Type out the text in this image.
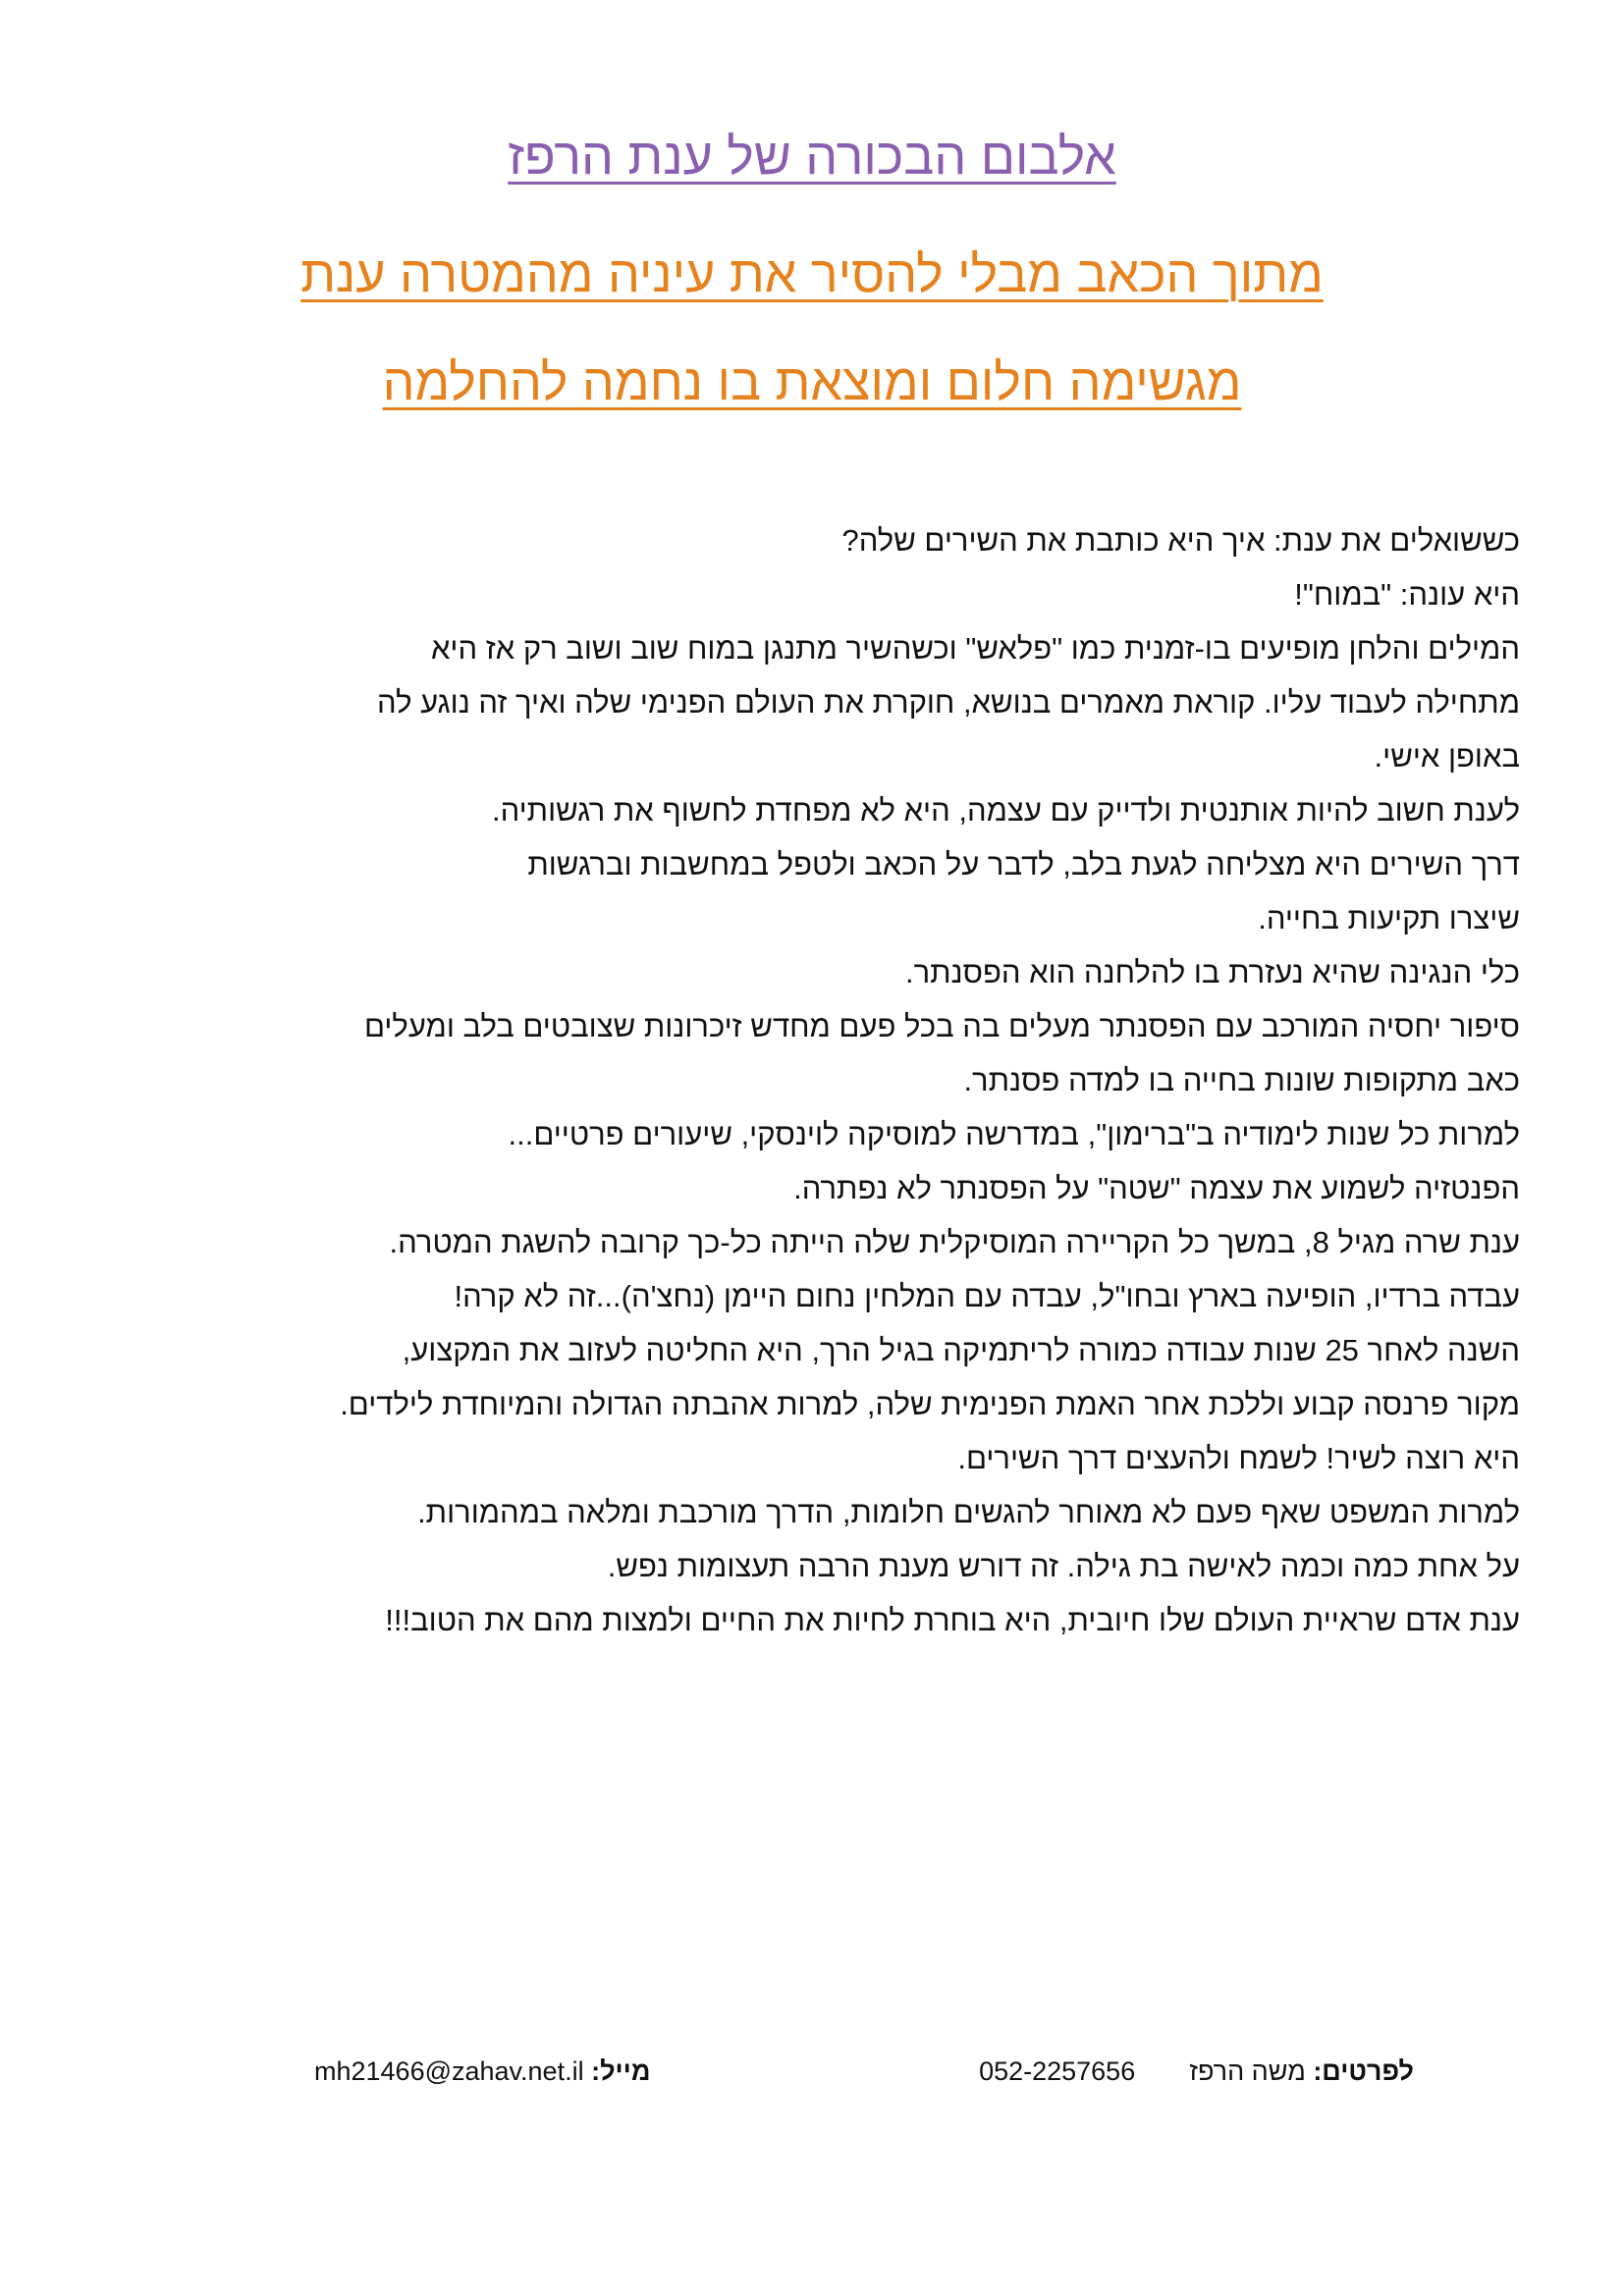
אלבום הבכורה של ענת הרפז
מתוך הכאב מבלי להסיר את עיניה מהמטרה ענת
מגשימה חלום ומוצאת בו נחמה להחלמה
כששואלים את ענת: איך היא כותבת את השירים שלה?
היא עונה: "במוח"!
המילים והלחן מופיעים בו-זמנית כמו "פלאש" וכשהשיר מתנגן במוח שוב ושוב רק אז היא
מתחילה לעבוד עליו. קוראת מאמרים בנושא, חוקרת את העולם הפנימי שלה ואיך זה נוגע לה
באופן אישי.
לענת חשוב להיות אותנטית ולדייק עם עצמה, היא לא מפחדת לחשוף את רגשותיה.
דרך השירים היא מצליחה לגעת בלב, לדבר על הכאב ולטפל במחשבות וברגשות
שיצרו תקיעות בחייה.
כלי הנגינה שהיא נעזרת בו להלחנה הוא הפסנתר.
סיפור יחסיה המורכב עם הפסנתר מעלים בה בכל פעם מחדש זיכרונות שצובטים בלב ומעלים
כאב מתקופות שונות בחייה בו למדה פסנתר.
למרות כל שנות לימודיה ב"ברימון", במדרשה למוסיקה לוינסקי, שיעורים פרטיים...
הפנטזיה לשמוע את עצמה "שטה" על הפסנתר לא נפתרה.
ענת שרה מגיל 8, במשך כל הקריירה המוסיקלית שלה הייתה כל-כך קרובה להשגת המטרה.
עבדה ברדיו, הופיעה בארץ ובחו"ל, עבדה עם המלחין נחום היימן (נחצ'ה)...זה לא קרה!
השנה לאחר 25 שנות עבודה כמורה לריתמיקה בגיל הרך, היא החליטה לעזוב את המקצוע,
מקור פרנסה קבוע וללכת אחר האמת הפנימית שלה, למרות אהבתה הגדולה והמיוחדת לילדים.
היא רוצה לשיר! לשמח ולהעצים דרך השירים.
למרות המשפט שאף פעם לא מאוחר להגשים חלומות, הדרך מורכבת ומלאה במהמורות.
על אחת כמה וכמה לאישה בת גילה. זה דורש מענת הרבה תעצומות נפש.
ענת אדם שראיית העולם שלו חיובית, היא בוחרת לחיות את החיים ולמצות מהם את הטוב!!!
לפרטים: משה הרפז  052-2257656
מייל: mh21466@zahav.net.il
